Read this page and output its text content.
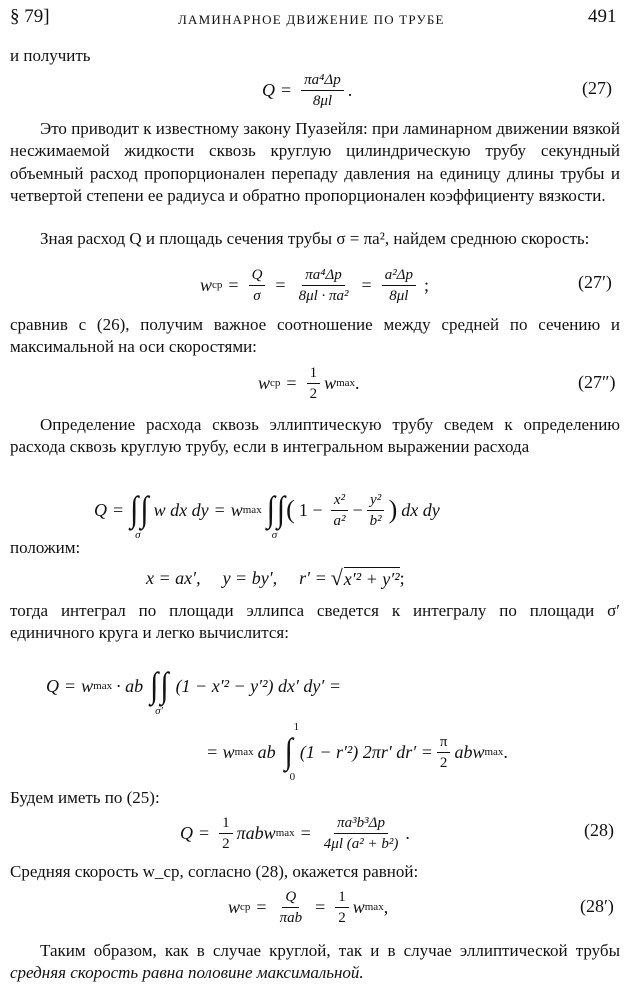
§ 79]	ЛАМИНАРНОЕ ДВИЖЕНИЕ ПО ТРУБЕ	491
и получить
$Q = \frac{\text{πa⁴Δp}}{8\mu l}$ .	(27)
Это приводит к известному закону Пуазейля: при ламинарном движении вязкой несжимаемой жидкости сквозь круглую цилиндрическую трубу секундный объемный расход пропорционален перепаду давления на единицу длины трубы и четвертой степени ее радиуса и обратно пропорционален коэффициенту вязкости.
Зная расход Q и площадь сечения трубы σ = πa², найдем среднюю скорость:
w ср = $\frac{Q}{\sigma} = \frac{\text{πa⁴Δp}}{\text{8μl · πa²}} = \frac{\text{a²Δp}}{8\mu l}$ ;	(27′)
сравнив с (26), получим важное соотношение между средней по сечению и максимальной на оси скоростями:
w ср = $\frac{1}{2}$ w max .	(27″)
Определение расхода сквозь эллиптическую трубу сведем к определению расхода сквозь круглую трубу, если в интегральном выражении расхода
Q = ∫∫
σ
w dx dy = w max ∫∫
σ
( $1 - \frac{\text{x²}}{\text{a²}} - \frac{\text{y²}}{\text{b²}}$ ) dx dy
положим:
x = ax′, y = by′, r′ = √ x′² + y′² ;
тогда интеграл по площади эллипса сведется к интегралу по площади σ′ единичного круга и легко вычислится:
Q = w max · ab ∫∫
σ′
(1 − x′² − y′²) dx′ dy′ =
= w max ab ∫
1
0
(1 − r′²) 2πr′ $dr' = \frac{\pi}{2}$ abw max .
Будем иметь по (25):
$Q = \frac{1}{2}$ πabw $\max = \frac{\text{πa³b³Δp}}{\text{4μl (a² + b²)}}$ .	(28)
Средняя скорость w_ср, согласно (28), окажется равной:
w ср = $\frac{Q}{\text{πab}} = \frac{1}{2}$ w max ,	(28′)
Таким образом, как в случае круглой, так и в случае эллиптической трубы средняя скорость равна половине максимальной.
